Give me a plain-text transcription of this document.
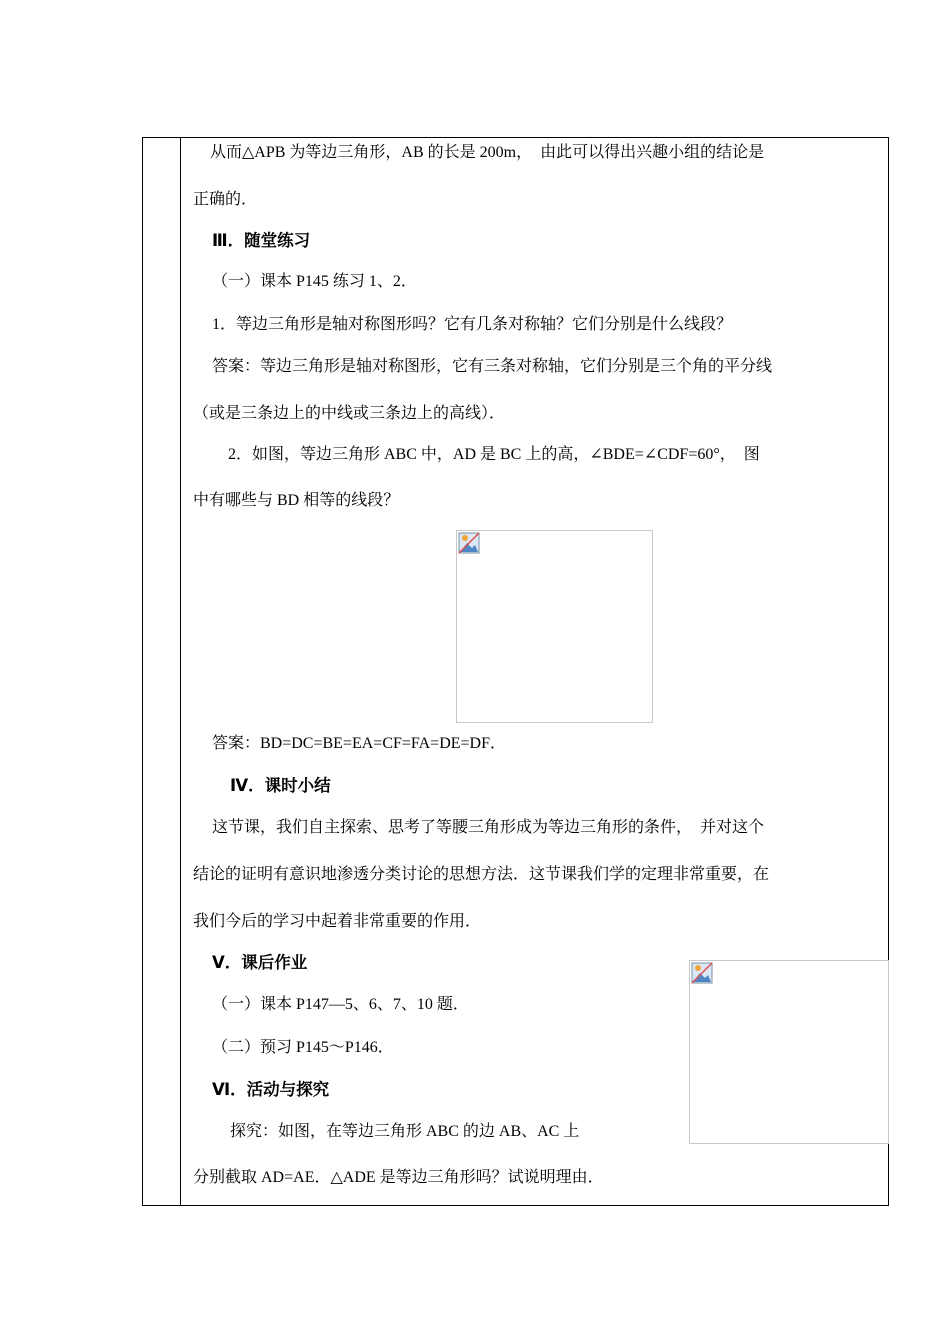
从而△APB 为等边三角形，AB 的长是 200m，　由此可以得出兴趣小组的结论是
正确的．
Ⅲ．随堂练习
（一）课本 P145 练习 1、2．
1．等边三角形是轴对称图形吗？它有几条对称轴？它们分别是什么线段？
答案：等边三角形是轴对称图形，它有三条对称轴，它们分别是三个角的平分线
（或是三条边上的中线或三条边上的高线）．
2．如图，等边三角形 ABC 中，AD 是 BC 上的高，∠BDE=∠CDF=60°，　图
中有哪些与 BD 相等的线段？
答案：BD=DC=BE=EA=CF=FA=DE=DF．
Ⅳ．课时小结
这节课，我们自主探索、思考了等腰三角形成为等边三角形的条件，　并对这个
结论的证明有意识地渗透分类讨论的思想方法．这节课我们学的定理非常重要，在
我们今后的学习中起着非常重要的作用．
Ⅴ．课后作业
（一）课本 P147—5、6、7、10 题．
（二）预习 P145～P146．
Ⅵ．活动与探究
探究：如图，在等边三角形 ABC 的边 AB、AC 上
分别截取 AD=AE．△ADE 是等边三角形吗？试说明理由．
